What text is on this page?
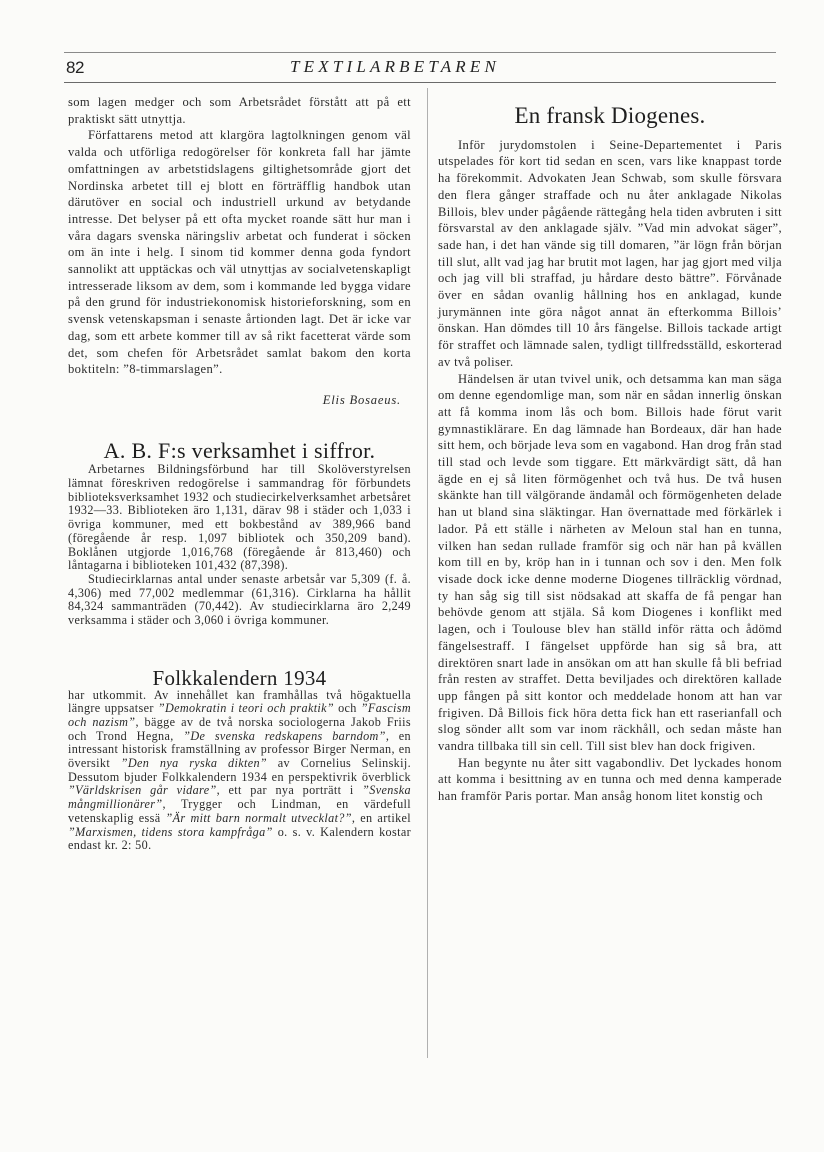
82	TEXTILARBETAREN

som lagen medger och som Arbetsrådet förstått att på ett praktiskt sätt utnyttja.

Författarens metod att klargöra lagtolkningen genom väl valda och utförliga redogörelser för konkreta fall har jämte omfattningen av arbetstidslagens giltighetsområde gjort det Nordinska arbetet till ej blott en förträfflig handbok utan därutöver en social och industriell urkund av betydande intresse. Det belyser på ett ofta mycket roande sätt hur man i våra dagars svenska näringsliv arbetat och funderat i söcken om än inte i helg. I sinom tid kommer denna goda fyndort sannolikt att upptäckas och väl utnyttjas av socialvetenskapligt intresserade liksom av dem, som i kommande led bygga vidare på den grund för industriekonomisk historieforskning, som en svensk vetenskapsman i senaste årtionden lagt. Det är icke var dag, som ett arbete kommer till av så rikt facetterat värde som det, som chefen för Arbetsrådet samlat bakom den korta boktiteln: ”8-timmarslagen”.

Elis Bosaeus.
A. B. F:s verksamhet i siffror.

Arbetarnes Bildningsförbund har till Skolöverstyrelsen lämnat föreskriven redogörelse i sammandrag för förbundets biblioteksverksamhet 1932 och studiecirkelverksamhet arbetsåret 1932—33. Biblioteken äro 1,131, därav 98 i städer och 1,033 i övriga kommuner, med ett bokbestånd av 389,966 band (föregående år resp. 1,097 bibliotek och 350,209 band). Boklånen utgjorde 1,016,768 (föregående år 813,460) och låntagarna i biblioteken 101,432 (87,398).

Studiecirklarnas antal under senaste arbetsår var 5,309 (f. å. 4,306) med 77,002 medlemmar (61,316). Cirklarna ha hållit 84,324 sammanträden (70,442). Av studiecirklarna äro 2,249 verksamma i städer och 3,060 i övriga kommuner.

Folkkalendern 1934

har utkommit. Av innehållet kan framhållas två högaktuella längre uppsatser ”Demokratin i teori och praktik” och ”Fascism och nazism”, bägge av de två norska sociologerna Jakob Friis och Trond Hegna, ”De svenska redskapens barndom”, en intressant historisk framställning av professor Birger Nerman, en översikt ”Den nya ryska dikten” av Cornelius Selinskij. Dessutom bjuder Folkkalendern 1934 en perspektivrik överblick ”Världskrisen går vidare”, ett par nya porträtt i ”Svenska mångmillionärer”, Trygger och Lindman, en värdefull vetenskaplig essä ”Är mitt barn normalt utvecklat?”, en artikel ”Marxismen, tidens stora kampfråga” o. s. v. Kalendern kostar endast kr. 2: 50.

En fransk Diogenes.

Inför jurydomstolen i Seine-Departementet i Paris utspelades för kort tid sedan en scen, vars like knappast torde ha förekommit. Advokaten Jean Schwab, som skulle försvara den flera gånger straffade och nu åter anklagade Nikolas Billois, blev under pågående rättegång hela tiden avbruten i sitt försvarstal av den anklagade själv. ”Vad min advokat säger”, sade han, i det han vände sig till domaren, ”är lögn från början till slut, allt vad jag har brutit mot lagen, har jag gjort med vilja och jag vill bli straffad, ju hårdare desto bättre”. Förvånade över en sådan ovanlig hållning hos en anklagad, kunde jurymännen inte göra något annat än efterkomma Billois’ önskan. Han dömdes till 10 års fängelse. Billois tackade artigt för straffet och lämnade salen, tydligt tillfredsställd, eskorterad av två poliser.

Händelsen är utan tvivel unik, och detsamma kan man säga om denne egendomlige man, som när en sådan innerlig önskan att få komma inom lås och bom. Billois hade förut varit gymnastiklärare. En dag lämnade han Bordeaux, där han hade sitt hem, och började leva som en vagabond. Han drog från stad till stad och levde som tiggare. Ett märkvärdigt sätt, då han ägde en ej så liten förmögenhet och två hus. De två husen skänkte han till välgörande ändamål och förmögenheten delade han ut bland sina släktingar. Han övernattade med förkärlek i lador. På ett ställe i närheten av Meloun stal han en tunna, vilken han sedan rullade framför sig och när han på kvällen kom till en by, kröp han in i tunnan och sov i den. Men folk visade dock icke denne moderne Diogenes tillräcklig vördnad, ty han såg sig till sist nödsakad att skaffa de få pengar han behövde genom att stjäla. Så kom Diogenes i konflikt med lagen, och i Toulouse blev han ställd inför rätta och ådömd fängelsestraff. I fängelset uppförde han sig så bra, att direktören snart lade in ansökan om att han skulle få bli befriad från resten av straffet. Detta beviljades och direktören kallade upp fången på sitt kontor och meddelade honom att han var frigiven. Då Billois fick höra detta fick han ett raserianfall och slog sönder allt som var inom räckhåll, och sedan måste han vandra tillbaka till sin cell. Till sist blev han dock frigiven.

Han begynte nu åter sitt vagabondliv. Det lyckades honom att komma i besittning av en tunna och med denna kamperade han framför Paris portar. Man ansåg honom litet konstig och
